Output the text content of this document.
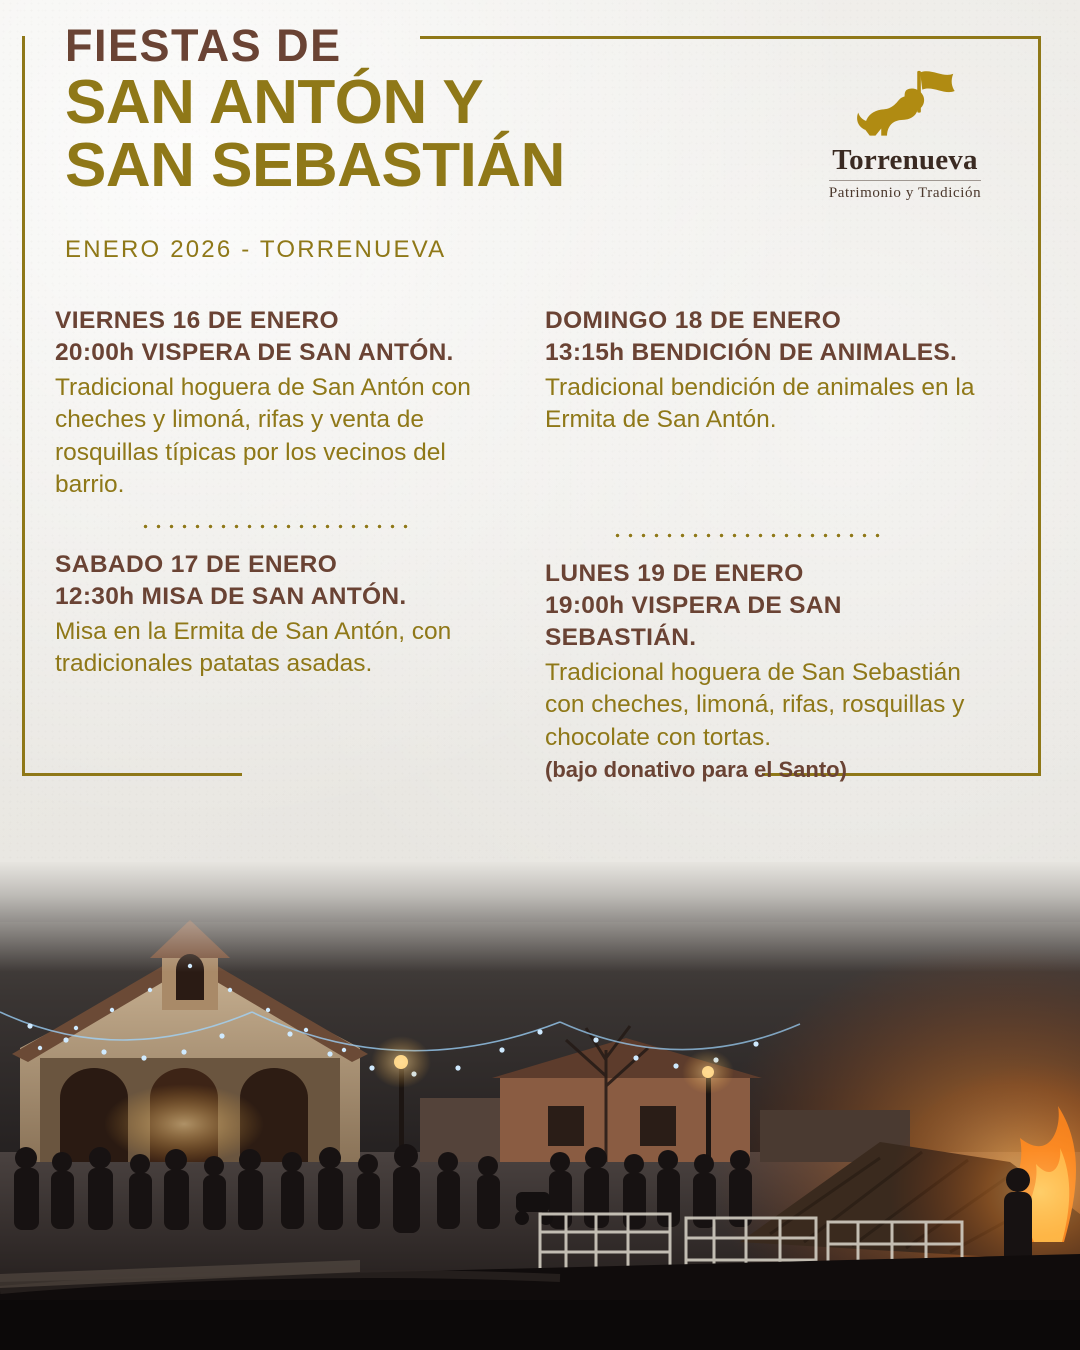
FIESTAS DE
SAN ANTÓN Y
SAN SEBASTIÁN
ENERO 2026 - TORRENUEVA
Torrenueva
Patrimonio y Tradición
VIERNES 16 DE ENERO
20:00h VISPERA DE SAN ANTÓN.
Tradicional hoguera de San Antón con cheches y limoná, rifas y venta de rosquillas típicas por los vecinos del barrio.
SABADO 17 DE ENERO
12:30h MISA DE SAN ANTÓN.
Misa en la Ermita de San Antón, con tradicionales patatas asadas.
DOMINGO 18 DE ENERO
13:15h BENDICIÓN DE ANIMALES.
Tradicional bendición de animales en la Ermita de San Antón.
LUNES 19 DE ENERO
19:00h VISPERA DE SAN SEBASTIÁN.
Tradicional hoguera de San Sebastián con cheches, limoná, rifas, rosquillas y chocolate con tortas.
(bajo donativo para el Santo)
